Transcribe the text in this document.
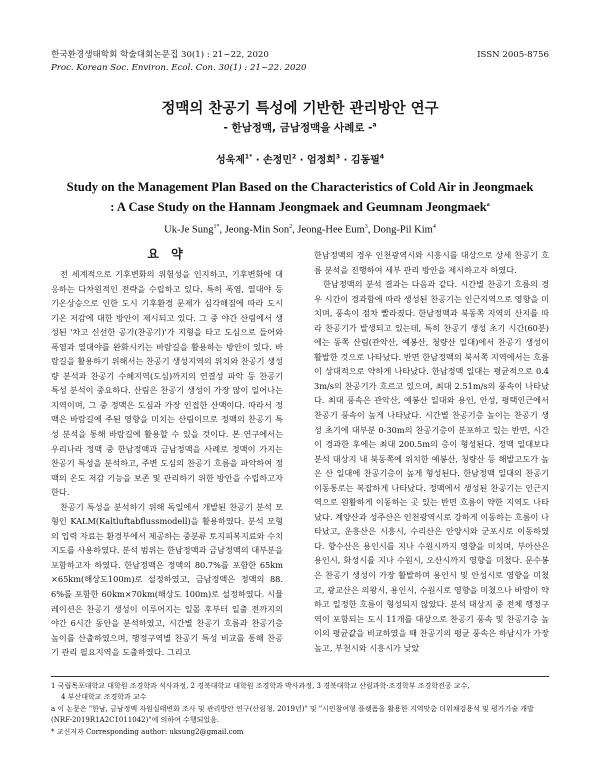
한국환경생태학회 학술대회논문집 30(1) : 21~22, 2020
Proc. Korean Soc. Environ. Ecol. Con. 30(1) : 21~22. 2020
ISSN 2005-8756
정맥의 찬공기 특성에 기반한 관리방안 연구
- 한남정맥, 금남정맥을 사례로 -$^a$
성욱제$^{1*}$ · 손정민$^2$ · 엄정희$^3$ · 김동필$^4$
Study on the Management Plan Based on the Characteristics of Cold Air in Jeongmaek
: A Case Study on the Hannam Jeongmaek and Geumnam Jeongmaek$^a$
Uk-Je Sung$^{1*}$, Jeong-Min Son$^2$, Jeong-Hee Eum$^3$, Dong-Pil Kim$^4$
요 약

전 세계적으로 기후변화의 위험성을 인지하고, 기후변화에 대응하는 다차원적인 전략을 수립하고 있다. 특히 폭염, 열대야 등 기온상승으로 인한 도시 기후환경 문제가 심각해짐에 따라 도시 기온 저감에 대한 방안이 제시되고 있다. 그 중 야간 산림에서 생성된 '차고 신선한 공기(찬공기)'가 지형을 타고 도심으로 들어와 폭염과 열대야를 완화시키는 바람길을 활용하는 방안이 있다. 바람길을 활용하기 위해서는 찬공기 생성지역의 위치와 찬공기 생성량 분석과 찬공기 수혜지역(도심)까지의 연결성 파악 등 찬공기 특성 분석이 중요하다. 산림은 찬공기 생성이 가장 많이 일어나는 지역이며, 그 중 정맥은 도심과 가장 인접한 산맥이다. 따라서 정맥은 바람길에 주된 영향을 미치는 산림이므로 정맥의 찬공기 특성 분석을 통해 바람길에 활용할 수 있을 것이다. 본 연구에서는 우리나라 정맥 중 한남정맥과 금남정맥을 사례로 정맥이 가지는 찬공기 특성을 분석하고, 주변 도심의 찬공기 흐름을 파악하여 정맥의 온도 저감 기능을 보존 및 관리하기 위한 방안을 수립하고자 한다.

찬공기 특성을 분석하기 위해 독일에서 개발된 찬공기 분석 모형인 KALM(Kaltluftabflussmodell)을 활용하였다. 분석 모형의 입력 자료는 환경부에서 제공하는 중분류 토지피복지료와 수치지도를 사용하였다. 분석 범위는 한남정맥과 금남정맥의 대부분을 포함하고자 하였다. 한남정맥은 정맥의 80.7%를 포함한 65km×65km(해상도100m)로 설정하였고, 금남정맥은 정맥의 88.6%를 포함한 60km×70km(해상도 100m)로 설정하였다. 시뮬레이션은 찬공기 생성이 이루어지는 일몰 후부터 일출 전까지의 야간 6시간 동안을 분석하였고, 시간별 찬공기 흐름과 찬공기층 높이를 산출하였으며, 행정구역별 찬공기 특성 비교를 통해 찬공기 관리 필요지역을 도출하였다. 그리고

한남정맥의 경우 인천광역시와 시흥시를 대상으로 상세 찬공기 흐름 분석을 진행하여 세부 관리 방안을 제시하고자 하였다.

한남정맥의 분석 결과는 다음과 같다. 시간별 찬공기 흐름의 경우 시간이 경과함에 따라 생성된 찬공기는 인근지역으로 영향을 미치며, 풍속이 점차 빨라졌다. 한남정맥과 북동쪽 지역의 산지를 따라 찬공기가 발생되고 있는데, 특히 찬공기 생성 초기 시간(60분)에는 동쪽 산림(관악산, 예봉산, 청량산 일대)에서 찬공기 생성이 활발한 것으로 나타났다. 반면 한남정맥의 북서쪽 지역에서는 흐름이 상대적으로 약하게 나타났다. 한남정맥 일대는 평균적으로 0.43m/s의 찬공기가 흐르고 있으며, 최대 2.51m/s의 풍속이 나타났다. 최대 풍속은 관악산, 예봉산 일대와 용인, 안성, 평택인근에서 찬공기 풍속이 높게 나타났다. 시간별 찬공기층 높이는 찬공기 생성 초기에 대부분 0-30m의 찬공기층이 분포하고 있는 반면, 시간이 경과한 후에는 최대 200.5m의 층이 형성된다. 정맥 일대보다 분석 대상지 내 북동쪽에 위치한 예봉산, 청량산 등 해발고도가 높은 산 일대에 찬공기층이 높게 형성된다. 한남정맥 일대의 찬공기 이동통로는 복잡하게 나타났다. 정맥에서 생성된 찬공기는 인근지역으로 원활하게 이동하는 곳 있는 반면 흐름이 약한 지역도 나타났다. 계양산과 성주산은 인천광역시로 강하게 이동하는 흐름이 나타났고, 운흥산은 시흥시, 수리산은 안양시와 군포시로 이동하였다. 향수산은 용인시를 지나 수원시까지 영향을 미치며, 부아산은 용인시, 화성시를 지나 수원시, 오산시까지 영향을 미쳤다. 문수봉은 찬공기 생성이 가장 활발하며 용인시 및 안성시로 영향을 미쳤고, 광교산은 의왕시, 용인시, 수원시로 영향을 미쳤으나 바람이 약하고 일정한 흐름이 형성되지 않았다. 분석 대상지 중 전체 행정구역이 포함되는 도시 11개를 대상으로 찬공기 풍속 및 찬공기층 높이의 평균값을 비교하였을 때 찬공기의 평균 풍속은 하남시가 가장 높고, 부천시와 시흥시가 낮았

1 국립목포대학교 대학원 조경학과 석사과정, 2 경북대학교 대학원 조경학과 박사과정, 3 경북대학교 산림과학·조경학부 조경학전공 교수,

4 부산대학교 조경학과 교수

a 이 논문은 "한남, 금남정맥 자원실태변화 조사 및 관리방안 연구(산림청, 2019년)" 및 "시민참여형 플랫폼을 활용한 지역맞춤 더위채검용석 및 평가기술 개발(NRF-2019R1A2C1011042)"에 의하여 수행되었음.

* 교신저자 Corresponding author: uksung2@gmail.com
